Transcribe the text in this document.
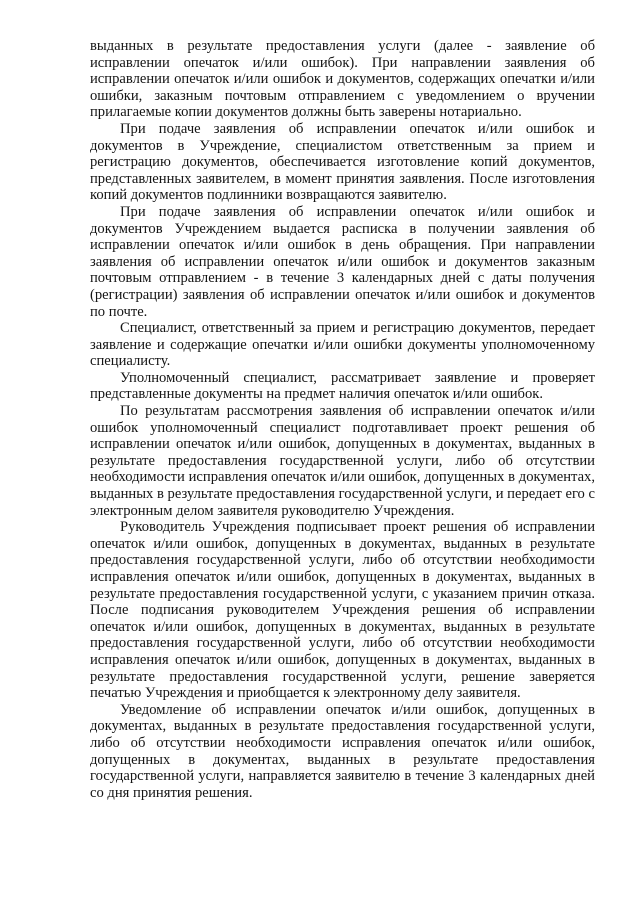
выданных в результате предоставления услуги (далее - заявление об исправлении опечаток и/или ошибок). При направлении заявления об исправлении опечаток и/или ошибок и документов, содержащих опечатки и/или ошибки, заказным почтовым отправлением с уведомлением о вручении прилагаемые копии документов должны быть заверены нотариально.

При подаче заявления об исправлении опечаток и/или ошибок и документов в Учреждение, специалистом ответственным за прием и регистрацию документов, обеспечивается изготовление копий документов, представленных заявителем, в момент принятия заявления. После изготовления копий документов подлинники возвращаются заявителю.

При подаче заявления об исправлении опечаток и/или ошибок и документов Учреждением выдается расписка в получении заявления об исправлении опечаток и/или ошибок в день обращения. При направлении заявления об исправлении опечаток и/или ошибок и документов заказным почтовым отправлением - в течение 3 календарных дней с даты получения (регистрации) заявления об исправлении опечаток и/или ошибок и документов по почте.

Специалист, ответственный за прием и регистрацию документов, передает заявление и содержащие опечатки и/или ошибки документы уполномоченному специалисту.

Уполномоченный специалист, рассматривает заявление и проверяет представленные документы на предмет наличия опечаток и/или ошибок.

По результатам рассмотрения заявления об исправлении опечаток и/или ошибок уполномоченный специалист подготавливает проект решения об исправлении опечаток и/или ошибок, допущенных в документах, выданных в результате предоставления государственной услуги, либо об отсутствии необходимости исправления опечаток и/или ошибок, допущенных в документах, выданных в результате предоставления государственной услуги, и передает его с электронным делом заявителя руководителю Учреждения.

Руководитель Учреждения подписывает проект решения об исправлении опечаток и/или ошибок, допущенных в документах, выданных в результате предоставления государственной услуги, либо об отсутствии необходимости исправления опечаток и/или ошибок, допущенных в документах, выданных в результате предоставления государственной услуги, с указанием причин отказа. После подписания руководителем Учреждения решения об исправлении опечаток и/или ошибок, допущенных в документах, выданных в результате предоставления государственной услуги, либо об отсутствии необходимости исправления опечаток и/или ошибок, допущенных в документах, выданных в результате предоставления государственной услуги, решение заверяется печатью Учреждения и приобщается к электронному делу заявителя.

Уведомление об исправлении опечаток и/или ошибок, допущенных в документах, выданных в результате предоставления государственной услуги, либо об отсутствии необходимости исправления опечаток и/или ошибок, допущенных в документах, выданных в результате предоставления государственной услуги, направляется заявителю в течение 3 календарных дней со дня принятия решения.
